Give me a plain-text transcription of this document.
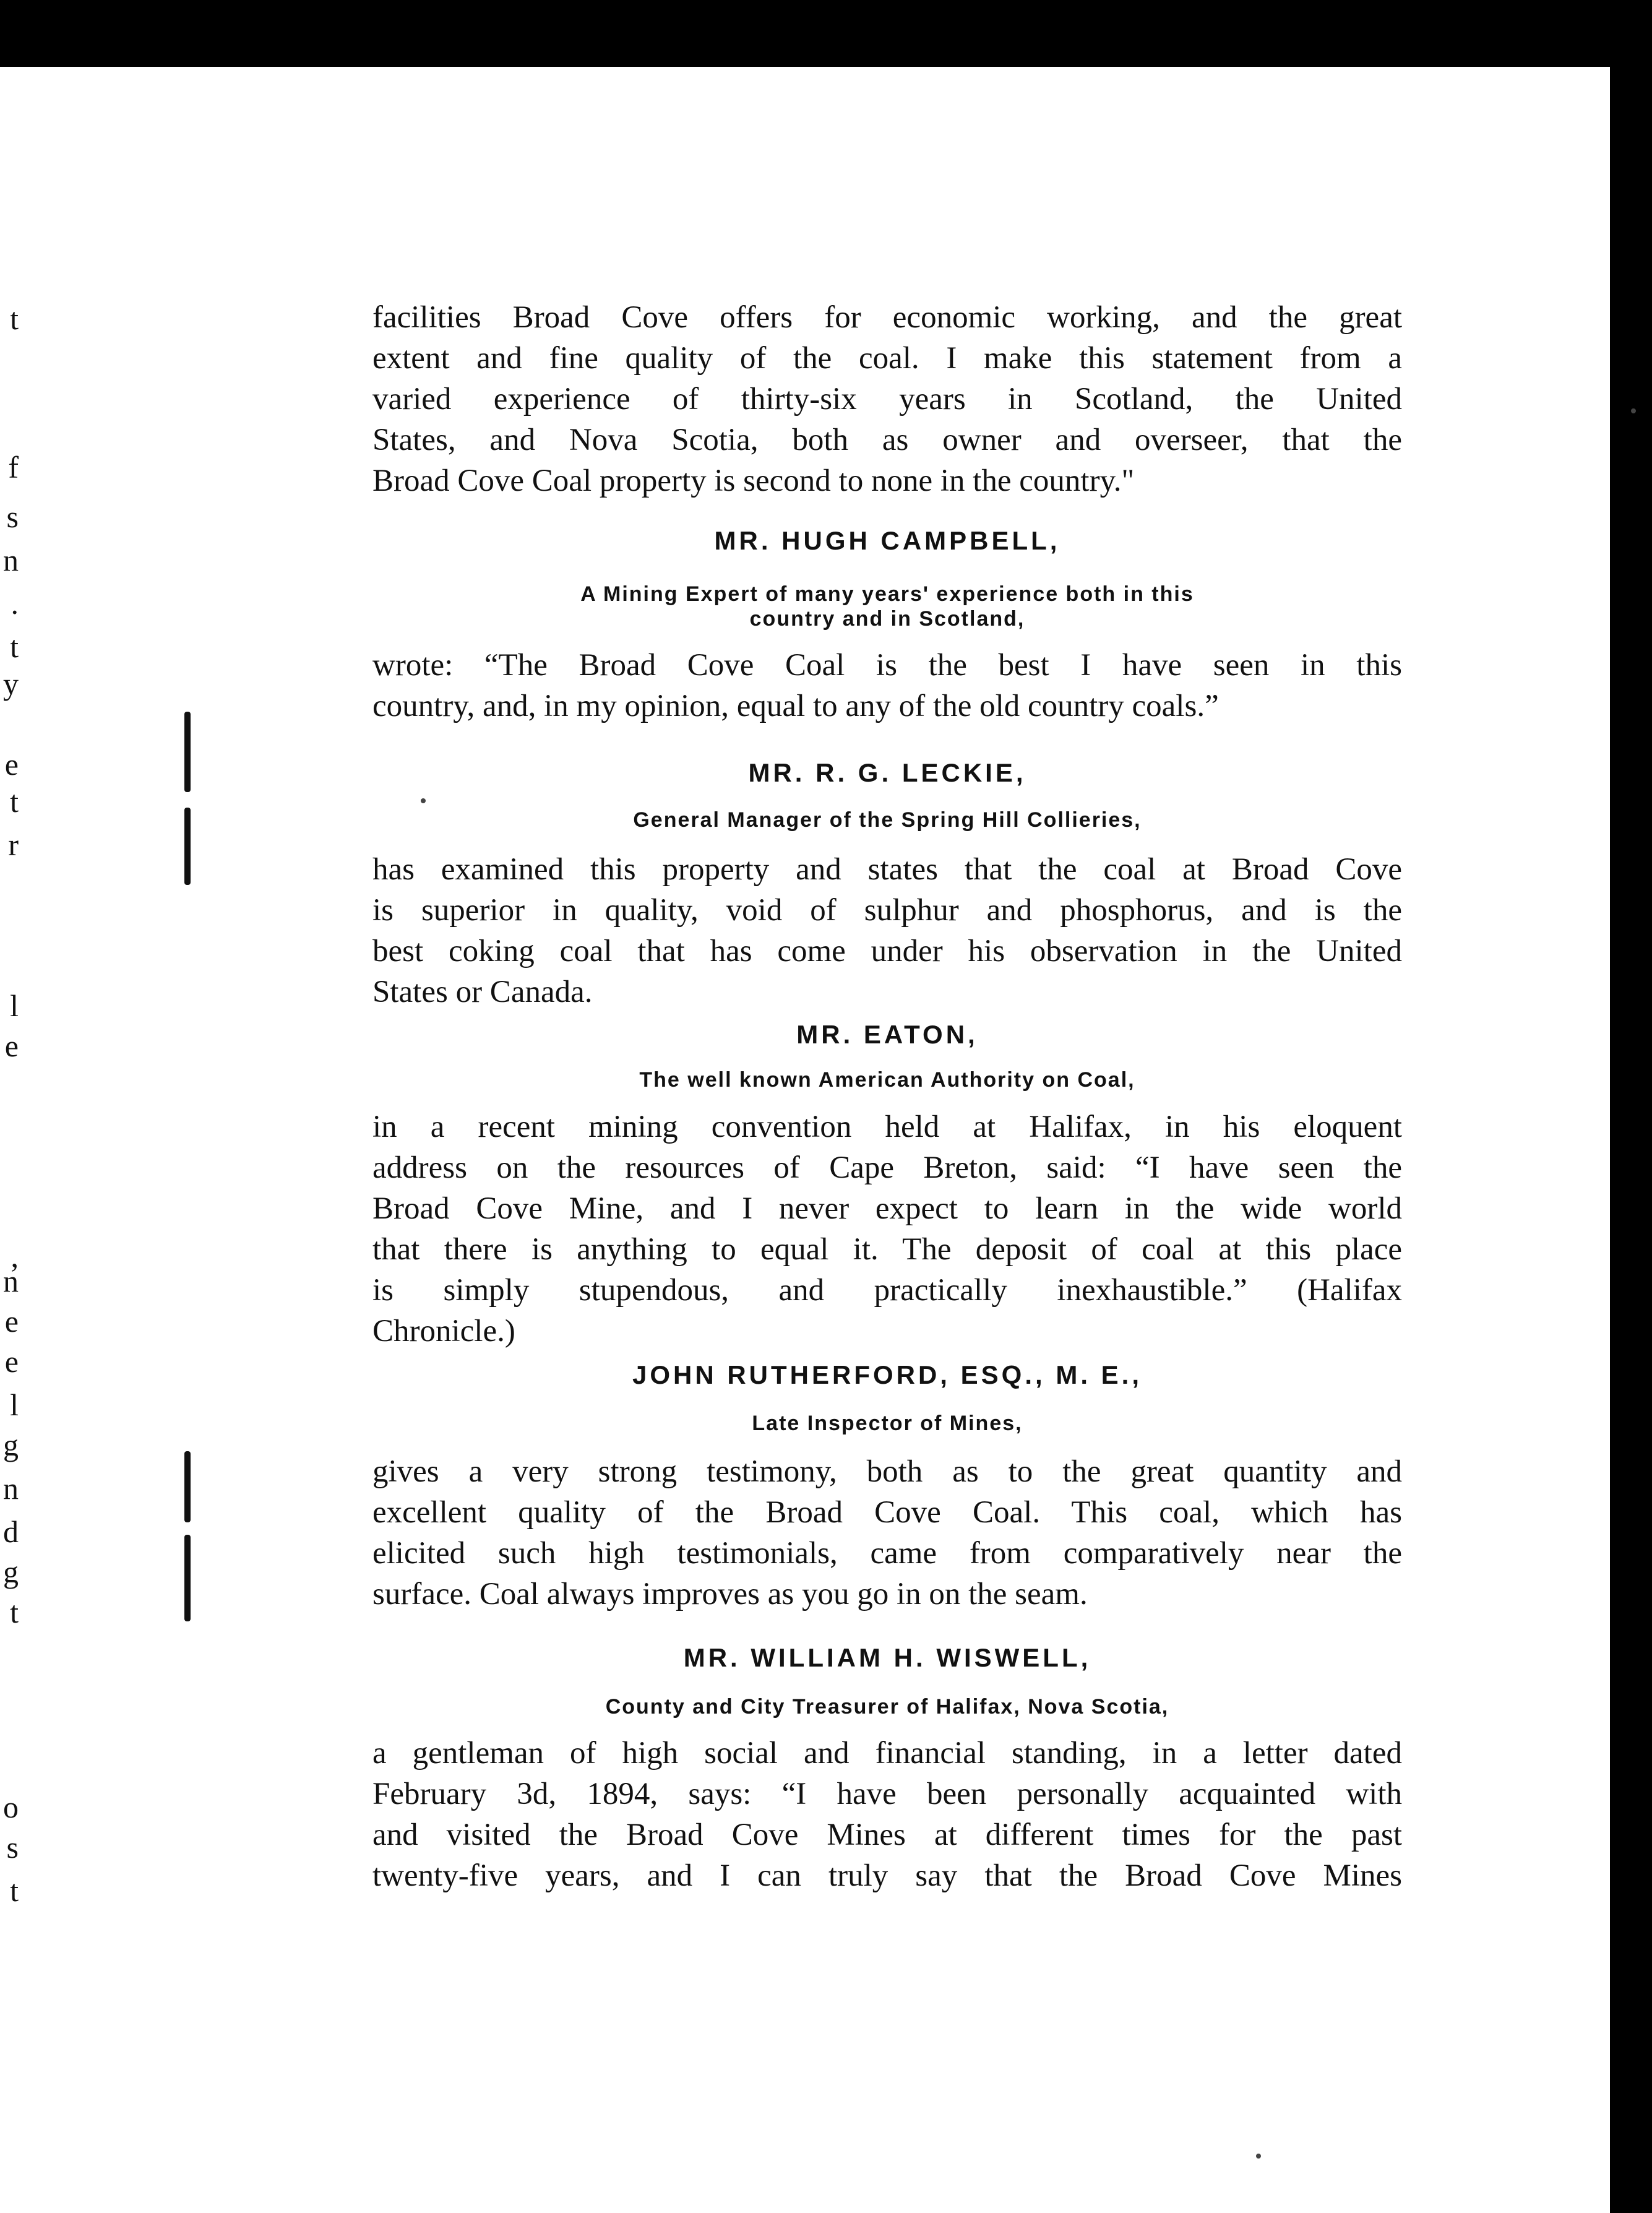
t
f
s
n
.
t
y
e
t
r
l
e
,
n
e
e
l
g
n
d
g
t
o
s
t
facilities Broad Cove offers for economic working, and the great
extent and fine quality of the coal. I make this statement from a
varied experience of thirty-six years in Scotland, the United
States, and Nova Scotia, both as owner and overseer, that the
Broad Cove Coal property is second to none in the country."
MR. HUGH CAMPBELL,
A Mining Expert of many years' experience both in this
country and in Scotland,
wrote: “The Broad Cove Coal is the best I have seen in this
country, and, in my opinion, equal to any of the old country coals.”
MR. R. G. LECKIE,
General Manager of the Spring Hill Collieries,
has examined this property and states that the coal at Broad Cove
is superior in quality, void of sulphur and phosphorus, and is the
best coking coal that has come under his observation in the United
States or Canada.
MR. EATON,
The well known American Authority on Coal,
in a recent mining convention held at Halifax, in his eloquent
address on the resources of Cape Breton, said: “I have seen the
Broad Cove Mine, and I never expect to learn in the wide world
that there is anything to equal it. The deposit of coal at this place
is simply stupendous, and practically inexhaustible.” (Halifax
Chronicle.)
JOHN RUTHERFORD, ESQ., M. E.,
Late Inspector of Mines,
gives a very strong testimony, both as to the great quantity and
excellent quality of the Broad Cove Coal. This coal, which has
elicited such high testimonials, came from comparatively near the
surface. Coal always improves as you go in on the seam.
MR. WILLIAM H. WISWELL,
County and City Treasurer of Halifax, Nova Scotia,
a gentleman of high social and financial standing, in a letter dated
February 3d, 1894, says: “I have been personally acquainted with
and visited the Broad Cove Mines at different times for the past
twenty-five years, and I can truly say that the Broad Cove Mines
